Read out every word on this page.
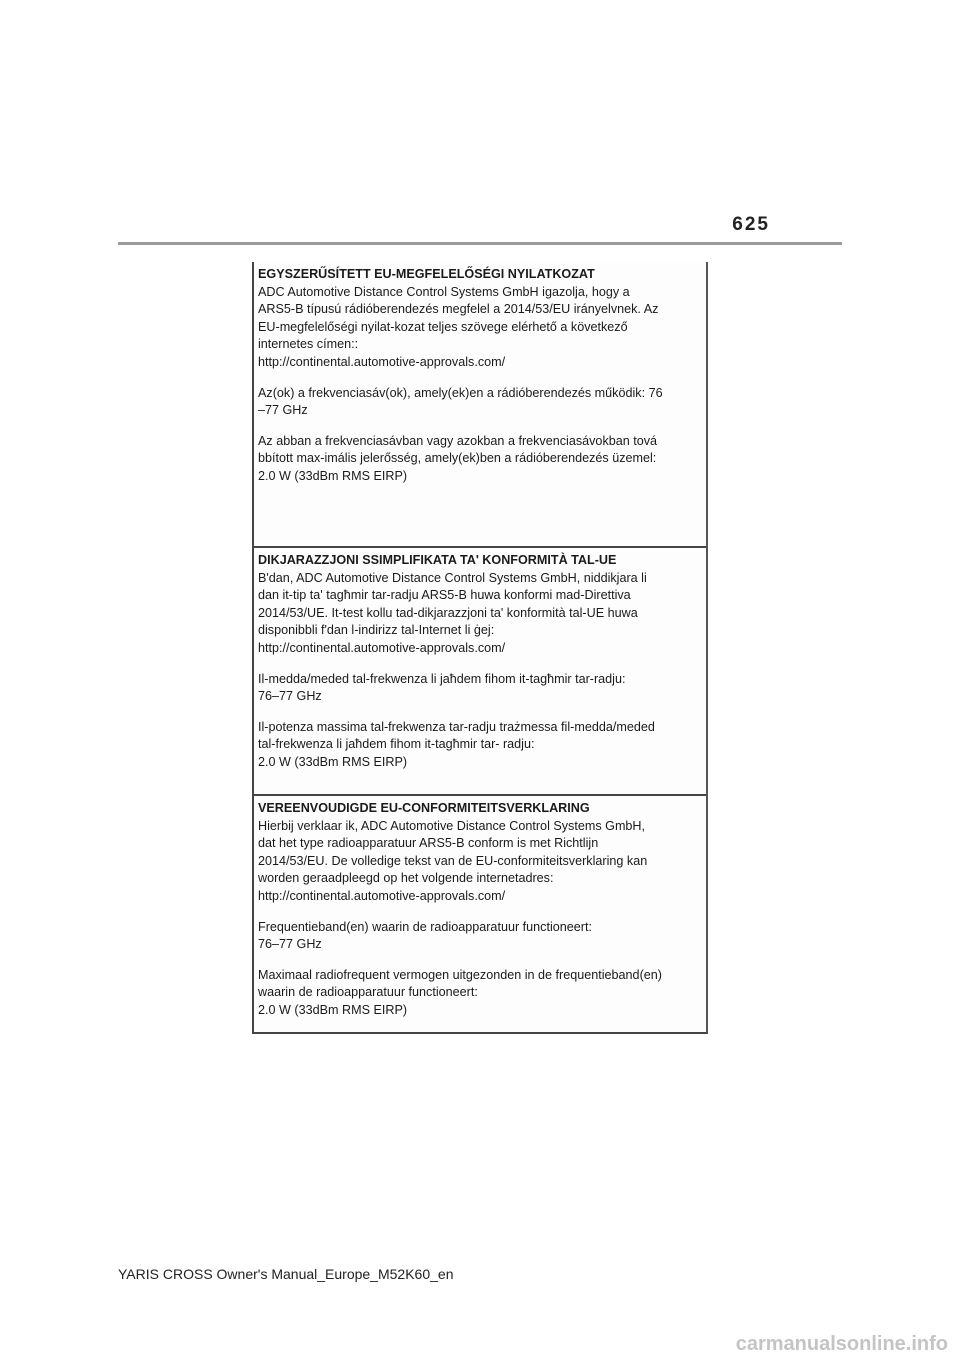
625
EGYSZERŰSÍTETT EU-MEGFELELŐSÉGI NYILATKOZAT
ADC Automotive Distance Control Systems GmbH igazolja, hogy a
ARS5-B típusú rádióberendezés megfelel a 2014/53/EU irányelvnek. Az
EU-megfelelőségi nyilat-kozat teljes szövege elérhető a következő
internetes címen::
http://continental.automotive-approvals.com/
Az(ok) a frekvenciasáv(ok), amely(ek)en a rádióberendezés működik: 76
–77 GHz
Az abban a frekvenciasávban vagy azokban a frekvenciasávokban tová
bbított max-imális jelerősség, amely(ek)ben a rádióberendezés üzemel:
2.0 W (33dBm RMS EIRP)
DIKJARAZZJONI SSIMPLIFIKATA TA' KONFORMITÀ TAL-UE
B'dan, ADC Automotive Distance Control Systems GmbH, niddikjara li
dan it-tip ta' tagħmir tar-radju ARS5-B huwa konformi mad-Direttiva
2014/53/UE. It-test kollu tad-dikjarazzjoni ta' konformità tal-UE huwa
disponibbli f'dan l-indirizz tal-Internet li ġej:
http://continental.automotive-approvals.com/
Il-medda/meded tal-frekwenza li jaħdem fihom it-tagħmir tar-radju:
76–77 GHz
Il-potenza massima tal-frekwenza tar-radju trażmessa fil-medda/meded
tal-frekwenza li jaħdem fihom it-tagħmir tar- radju:
2.0 W (33dBm RMS EIRP)
VEREENVOUDIGDE EU-CONFORMITEITSVERKLARING
Hierbij verklaar ik, ADC Automotive Distance Control Systems GmbH,
dat het type radioapparatuur ARS5-B conform is met Richtlijn
2014/53/EU. De volledige tekst van de EU-conformiteitsverklaring kan
worden geraadpleegd op het volgende internetadres:
http://continental.automotive-approvals.com/
Frequentieband(en) waarin de radioapparatuur functioneert:
76–77 GHz
Maximaal radiofrequent vermogen uitgezonden in de frequentieband(en)
waarin de radioapparatuur functioneert:
2.0 W (33dBm RMS EIRP)
YARIS CROSS Owner's Manual_Europe_M52K60_en
carmanualsonline.info
